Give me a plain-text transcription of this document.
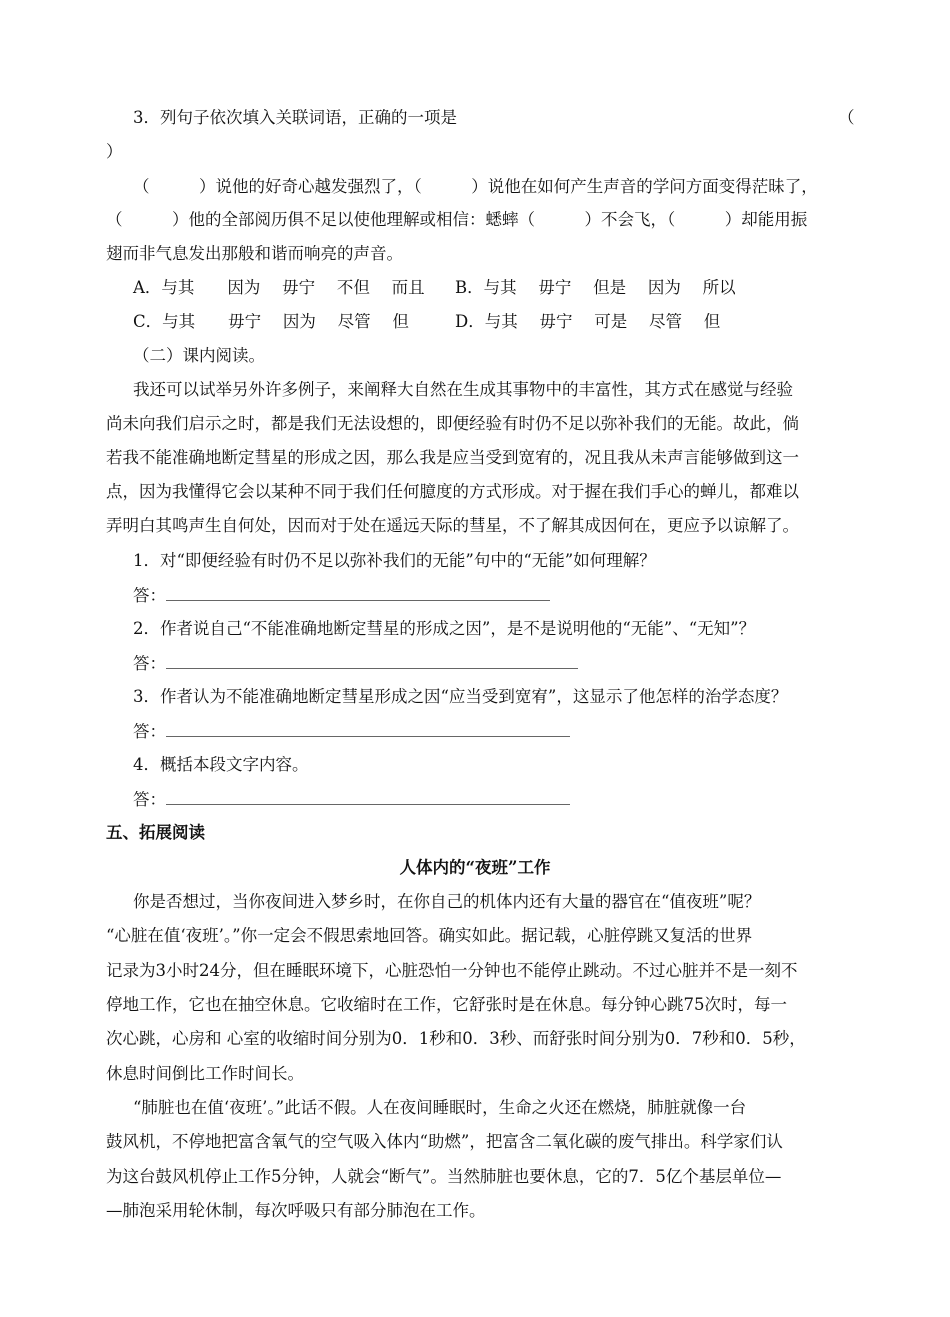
3．列句子依次填入关联词语，正确的一项是	（
）
（　　　）说他的好奇心越发强烈了，（　　　）说他在如何产生声音的学问方面变得茫昧了，
（　　　）他的全部阅历俱不足以使他理解或相信：蟋蟀（　　　）不会飞，（　　　）却能用振
翅而非气息发出那般和谐而响亮的声音。
A．与其　　因为　 毋宁　 不但　 而且 B．与其　 毋宁　 但是　 因为　 所以
C．与其　　毋宁　 因为　 尽管　 但	D．与其　 毋宁　 可是　 尽管　 但
（二）课内阅读。
我还可以试举另外许多例子，来阐释大自然在生成其事物中的丰富性，其方式在感觉与经验
尚未向我们启示之时，都是我们无法设想的，即便经验有时仍不足以弥补我们的无能。故此，倘
若我不能准确地断定彗星的形成之因，那么我是应当受到宽宥的，况且我从未声言能够做到这一
点，因为我懂得它会以某种不同于我们任何臆度的方式形成。对于握在我们手心的蝉儿，都难以
弄明白其鸣声生自何处，因而对于处在遥远天际的彗星，不了解其成因何在，更应予以谅解了。
1．对“即便经验有时仍不足以弥补我们的无能”句中的“无能”如何理解？
答：
2．作者说自己“不能准确地断定彗星的形成之因”，是不是说明他的“无能”、“无知”？
答：
3．作者认为不能准确地断定彗星形成之因“应当受到宽宥”，这显示了他怎样的治学态度？
答：
4．概括本段文字内容。
答：
五、拓展阅读
人体内的“夜班”工作
你是否想过，当你夜间进入梦乡时，在你自己的机体内还有大量的器官在“值夜班”呢？
“心脏在值‘夜班’。”你一定会不假思索地回答。确实如此。据记载，心脏停跳又复活的世界
记录为3小时24分，但在睡眠环境下，心脏恐怕一分钟也不能停止跳动。不过心脏并不是一刻不
停地工作，它也在抽空休息。它收缩时在工作，它舒张时是在休息。每分钟心跳75次时，每一
次心跳，心房和 心室的收缩时间分别为0．1秒和0．3秒、而舒张时间分别为0．7秒和0．5秒，
休息时间倒比工作时间长。
“肺脏也在值‘夜班’。”此话不假。人在夜间睡眠时，生命之火还在燃烧，肺脏就像一台
鼓风机，不停地把富含氧气的空气吸入体内“助燃”，把富含二氧化碳的废气排出。科学家们认
为这台鼓风机停止工作5分钟，人就会“断气”。当然肺脏也要休息，它的7．5亿个基层单位—
—肺泡采用轮休制，每次呼吸只有部分肺泡在工作。
